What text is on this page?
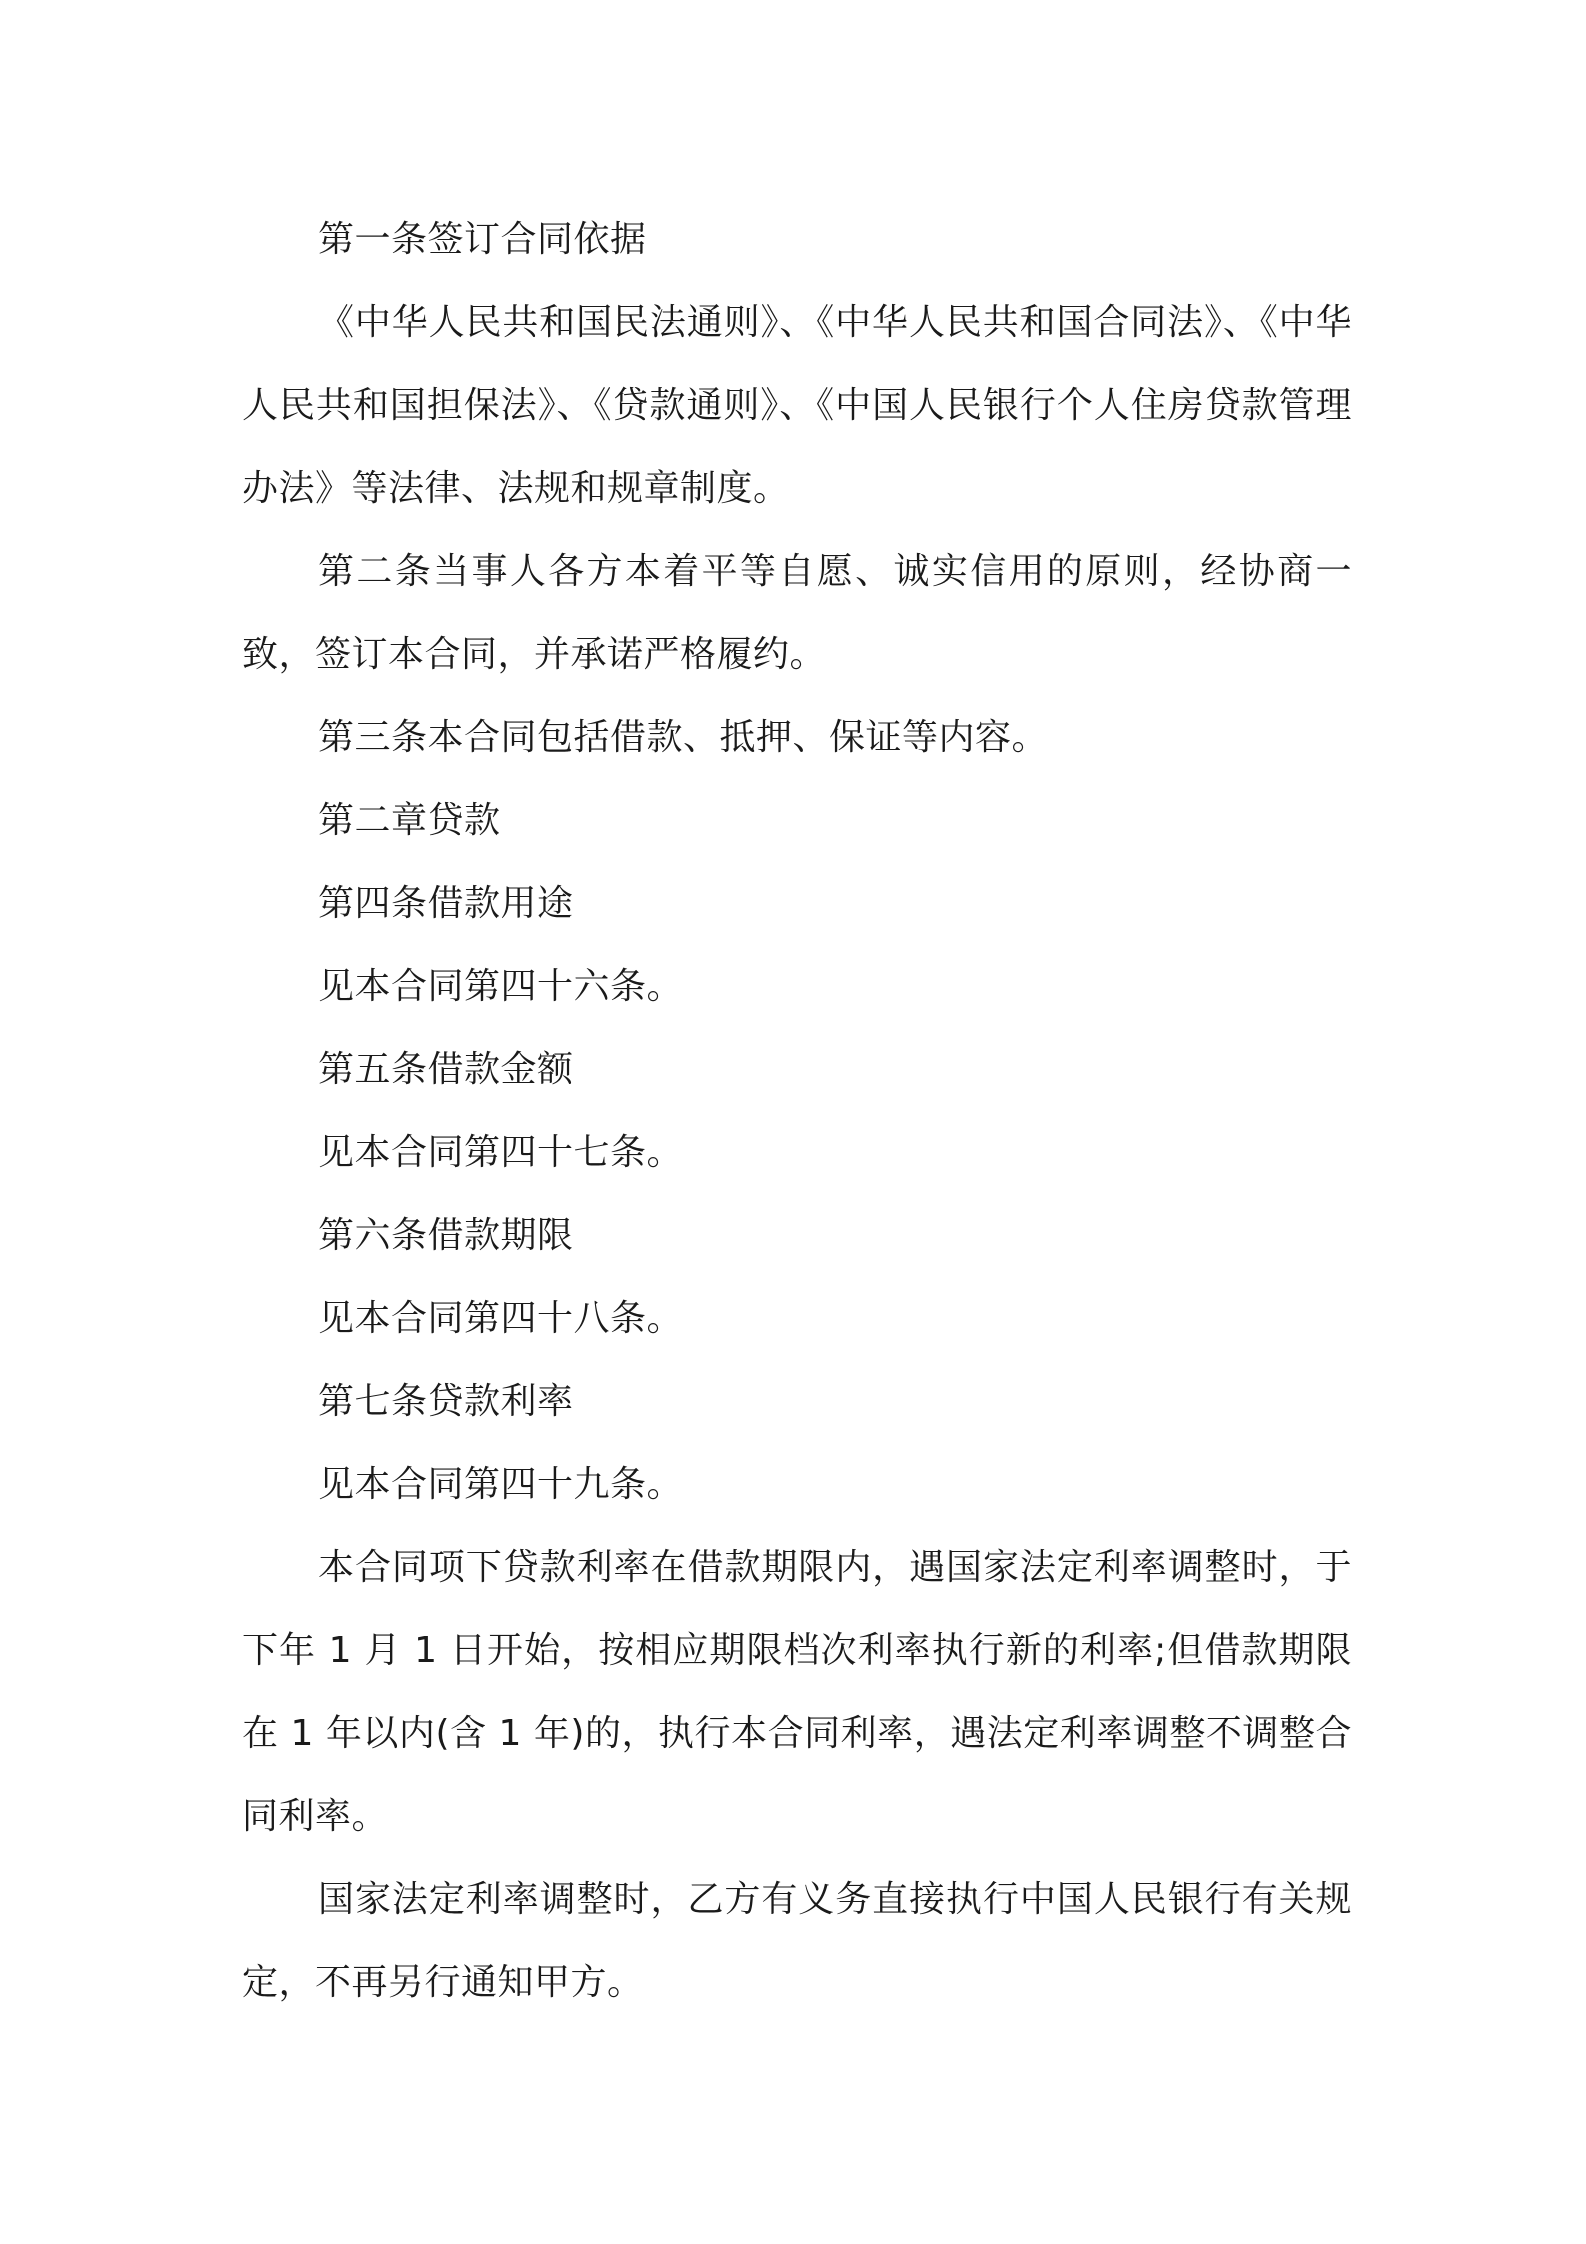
第一条签订合同依据

《中华人民共和国民法通则》、《中华人民共和国合同法》、《中华人民共和国担保法》、《贷款通则》、《中国人民银行个人住房贷款管理办法》等法律、法规和规章制度。

第二条当事人各方本着平等自愿、诚实信用的原则，经协商一致，签订本合同，并承诺严格履约。

第三条本合同包括借款、抵押、保证等内容。

第二章贷款

第四条借款用途

见本合同第四十六条。

第五条借款金额

见本合同第四十七条。

第六条借款期限

见本合同第四十八条。

第七条贷款利率

见本合同第四十九条。

本合同项下贷款利率在借款期限内，遇国家法定利率调整时，于下年 1 月 1 日开始，按相应期限档次利率执行新的利率;但借款期限在 1 年以内(含 1 年)的，执行本合同利率，遇法定利率调整不调整合同利率。

国家法定利率调整时，乙方有义务直接执行中国人民银行有关规定，不再另行通知甲方。
